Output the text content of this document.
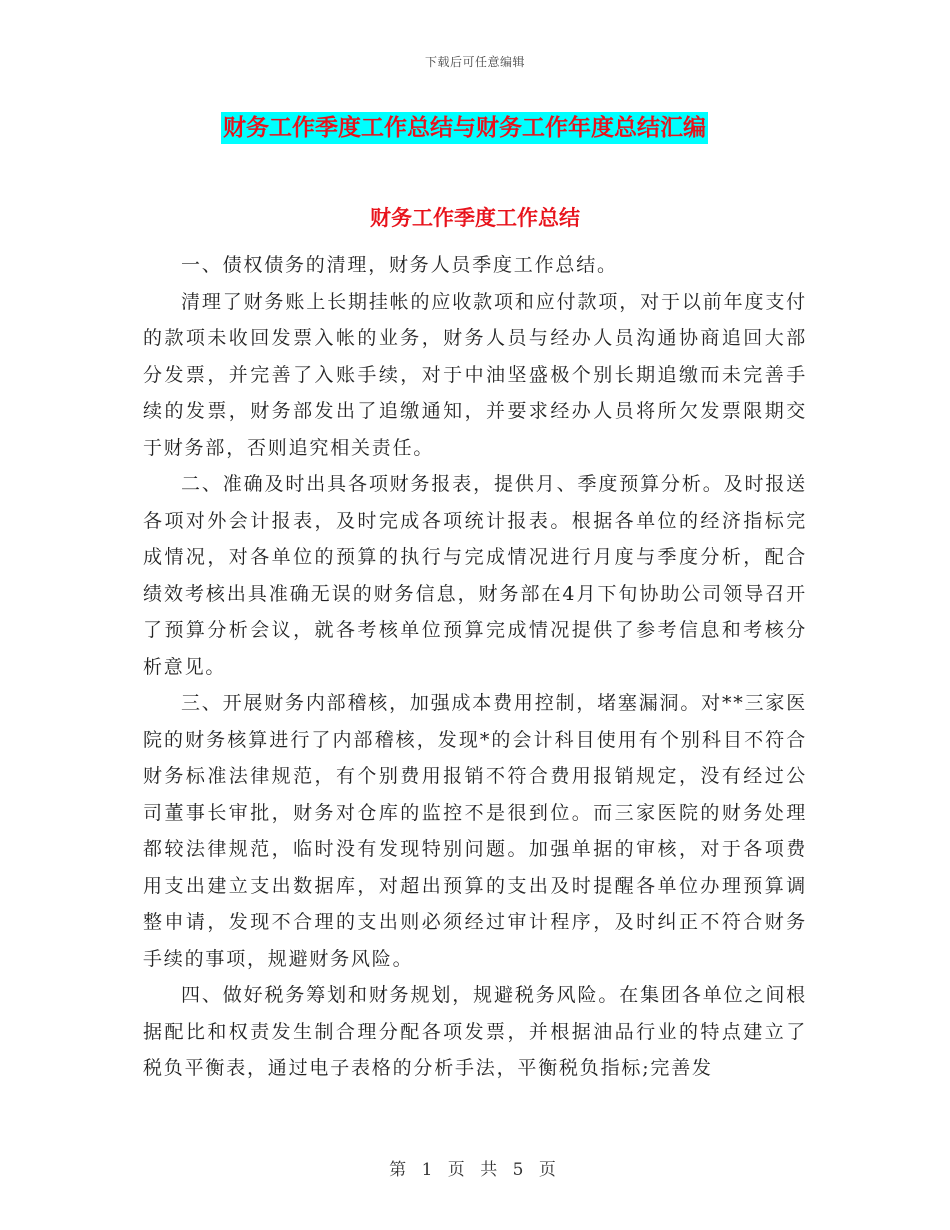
下载后可任意编辑
财务工作季度工作总结与财务工作年度总结汇编
财务工作季度工作总结

一、债权债务的清理，财务人员季度工作总结。

清理了财务账上长期挂帐的应收款项和应付款项，对于以前年度支付的款项未收回发票入帐的业务，财务人员与经办人员沟通协商追回大部分发票，并完善了入账手续，对于中油坚盛极个别长期追缴而未完善手续的发票，财务部发出了追缴通知，并要求经办人员将所欠发票限期交于财务部，否则追究相关责任。

二、准确及时出具各项财务报表，提供月、季度预算分析。及时报送各项对外会计报表，及时完成各项统计报表。根据各单位的经济指标完成情况，对各单位的预算的执行与完成情况进行月度与季度分析，配合绩效考核出具准确无误的财务信息，财务部在4月下旬协助公司领导召开了预算分析会议，就各考核单位预算完成情况提供了参考信息和考核分析意见。

三、开展财务内部稽核，加强成本费用控制，堵塞漏洞。对**三家医院的财务核算进行了内部稽核，发现*的会计科目使用有个别科目不符合财务标准法律规范，有个别费用报销不符合费用报销规定，没有经过公司董事长审批，财务对仓库的监控不是很到位。而三家医院的财务处理都较法律规范，临时没有发现特别问题。加强单据的审核，对于各项费用支出建立支出数据库，对超出预算的支出及时提醒各单位办理预算调整申请，发现不合理的支出则必须经过审计程序，及时纠正不符合财务手续的事项，规避财务风险。

四、做好税务筹划和财务规划，规避税务风险。在集团各单位之间根据配比和权责发生制合理分配各项发票，并根据油品行业的特点建立了税负平衡表，通过电子表格的分析手法，平衡税负指标;完善发

第 1 页 共 5 页
